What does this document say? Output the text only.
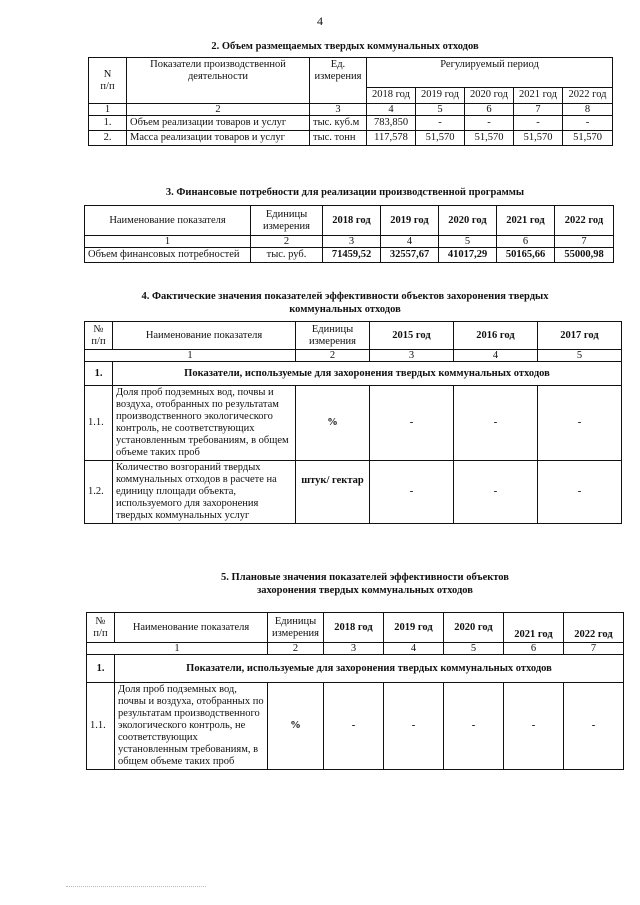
4
2. Объем размещаемых твердых коммунальных отходов
N
п/п	Показатели производственной деятельности	Ед. измерения	Регулируемый период				
			2018 год	2019 год	2020 год	2021 год	2022 год
1	2	3	4	5	6	7	8
1.	Объем реализации товаров и услуг	тыс. куб.м	783,850	-	-	-	-
2.	Масса реализации товаров и услуг	тыс. тонн	117,578	51,570	51,570	51,570	51,570
3. Финансовые потребности для реализации производственной программы
Наименование показателя	Единицы измерения	2018 год	2019 год	2020 год	2021 год	2022 год
1	2	3	4	5	6	7
Объем финансовых потребностей	тыс. руб.	71459,52	32557,67	41017,29	50165,66	55000,98
4. Фактические значения показателей эффективности объектов захоронения твердых
коммунальных отходов
№ п/п	Наименование показателя	Единицы измерения	2015 год	2016 год	2017 год
1		2	3	4	5
1.	Показатели, используемые для захоронения твердых коммунальных отходов				
1.1.	Доля проб подземных вод, почвы и воздуха, отобранных по результатам производственного экологического контроль, не соответствующих установленным требованиям, в общем объеме таких проб	%	-	-	-
1.2.	Количество возгораний твердых коммунальных отходов в расчете на единицу площади объекта, используемого для захоронения твердых коммунальных услуг	штук/ гектар	-	-	-
5. Плановые значения показателей эффективности объектов
захоронения твердых коммунальных отходов
№ п/п	Наименование показателя	Единицы измерения	2018 год	2019 год	2020 год	2021 год	2022 год
1		2	3	4	5	6	7
1.	Показатели, используемые для захоронения твердых коммунальных отходов						
1.1.	Доля проб подземных вод, почвы и воздуха, отобранных по результатам производственного экологического контроль, не соответствующих установленным требованиям, в общем объеме таких проб	%	-	-	-	-	-
